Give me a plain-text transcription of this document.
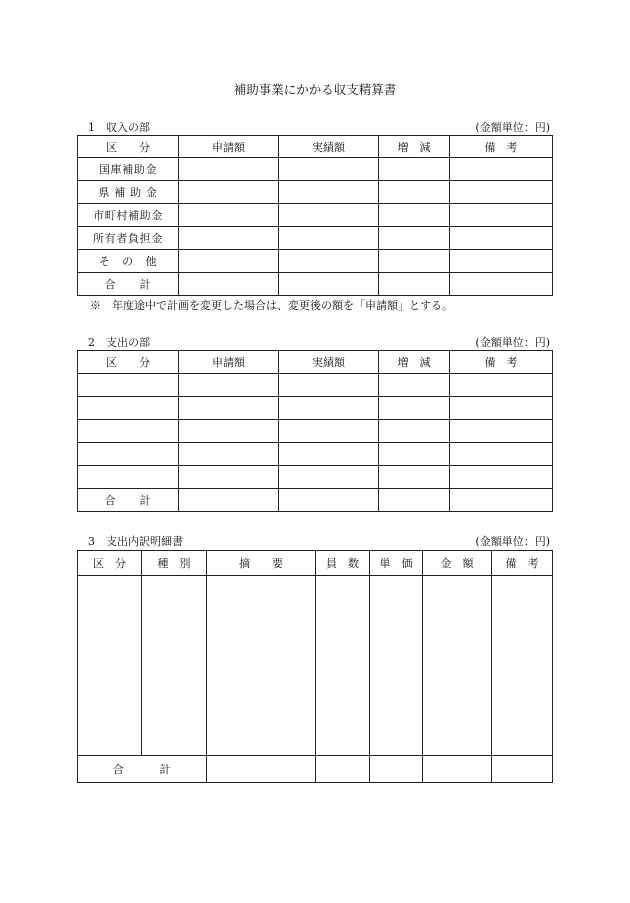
補助事業にかかる収支精算書
1　収入の部	(金額単位：円)
区　　分	申請額	実績額	増　減	備　考
国庫補助金				
県 補 助 金				
市町村補助金				
所有者負担金				
そ　の　他				
合　　計				
※　年度途中で計画を変更した場合は、変更後の額を「申請額」とする。
2　支出の部	(金額単位：円)
区　　分	申請額	実績額	増　減	備　考

合　　計				
3　支出内訳明細書	(金額単位：円)
区　分	種　別	摘　　要	員　数	単　価	金　額	備　考

合　　　計						
